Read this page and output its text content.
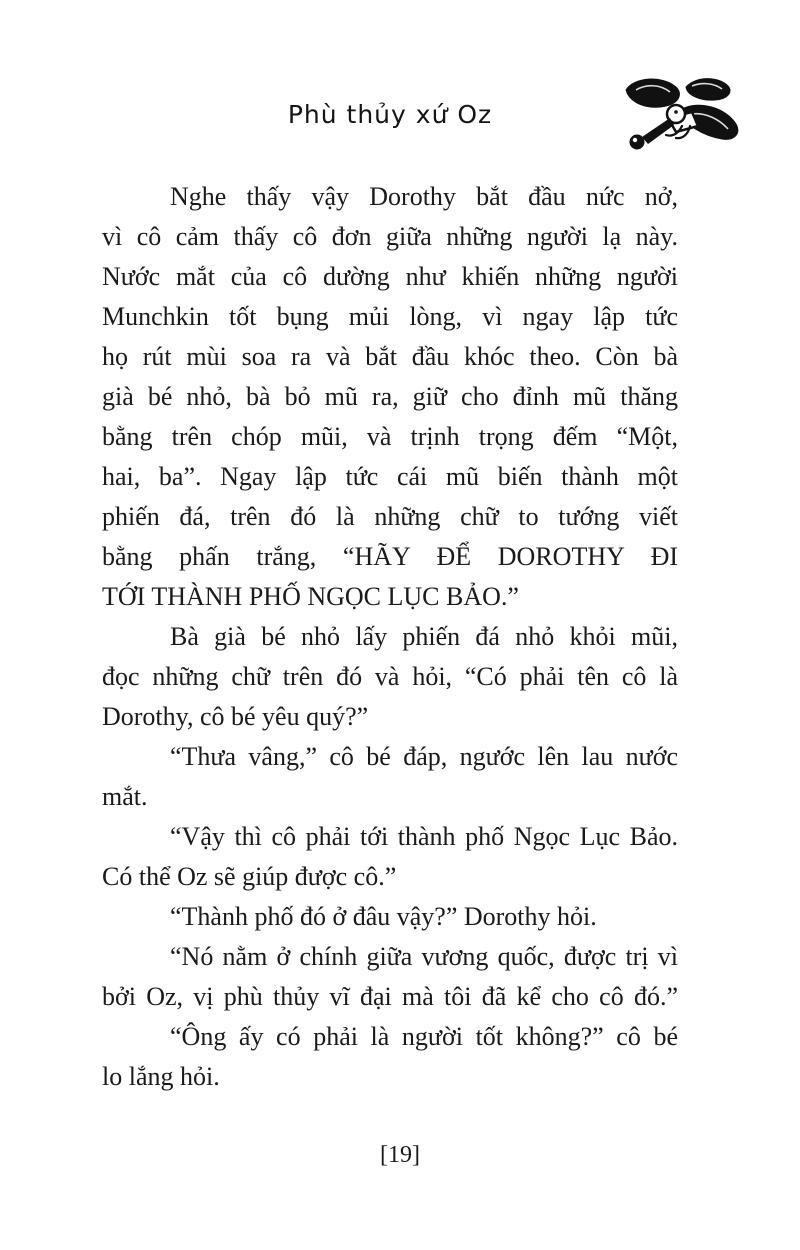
Phù thủy xứ Oz
Nghe thấy vậy Dorothy bắt đầu nức nở,
vì cô cảm thấy cô đơn giữa những người lạ này.
Nước mắt của cô dường như khiến những người
Munchkin tốt bụng mủi lòng, vì ngay lập tức
họ rút mùi soa ra và bắt đầu khóc theo. Còn bà
già bé nhỏ, bà bỏ mũ ra, giữ cho đỉnh mũ thăng
bằng trên chóp mũi, và trịnh trọng đếm “Một,
hai, ba”. Ngay lập tức cái mũ biến thành một
phiến đá, trên đó là những chữ to tướng viết
bằng phấn trắng, “HÃY ĐỂ DOROTHY ĐI
TỚI THÀNH PHỐ NGỌC LỤC BẢO.”
Bà già bé nhỏ lấy phiến đá nhỏ khỏi mũi,
đọc những chữ trên đó và hỏi, “Có phải tên cô là
Dorothy, cô bé yêu quý?”
“Thưa vâng,” cô bé đáp, ngước lên lau nước
mắt.
“Vậy thì cô phải tới thành phố Ngọc Lục Bảo.
Có thể Oz sẽ giúp được cô.”
“Thành phố đó ở đâu vậy?” Dorothy hỏi.
“Nó nằm ở chính giữa vương quốc, được trị vì
bởi Oz, vị phù thủy vĩ đại mà tôi đã kể cho cô đó.”
“Ông ấy có phải là người tốt không?” cô bé
lo lắng hỏi.
[19]
